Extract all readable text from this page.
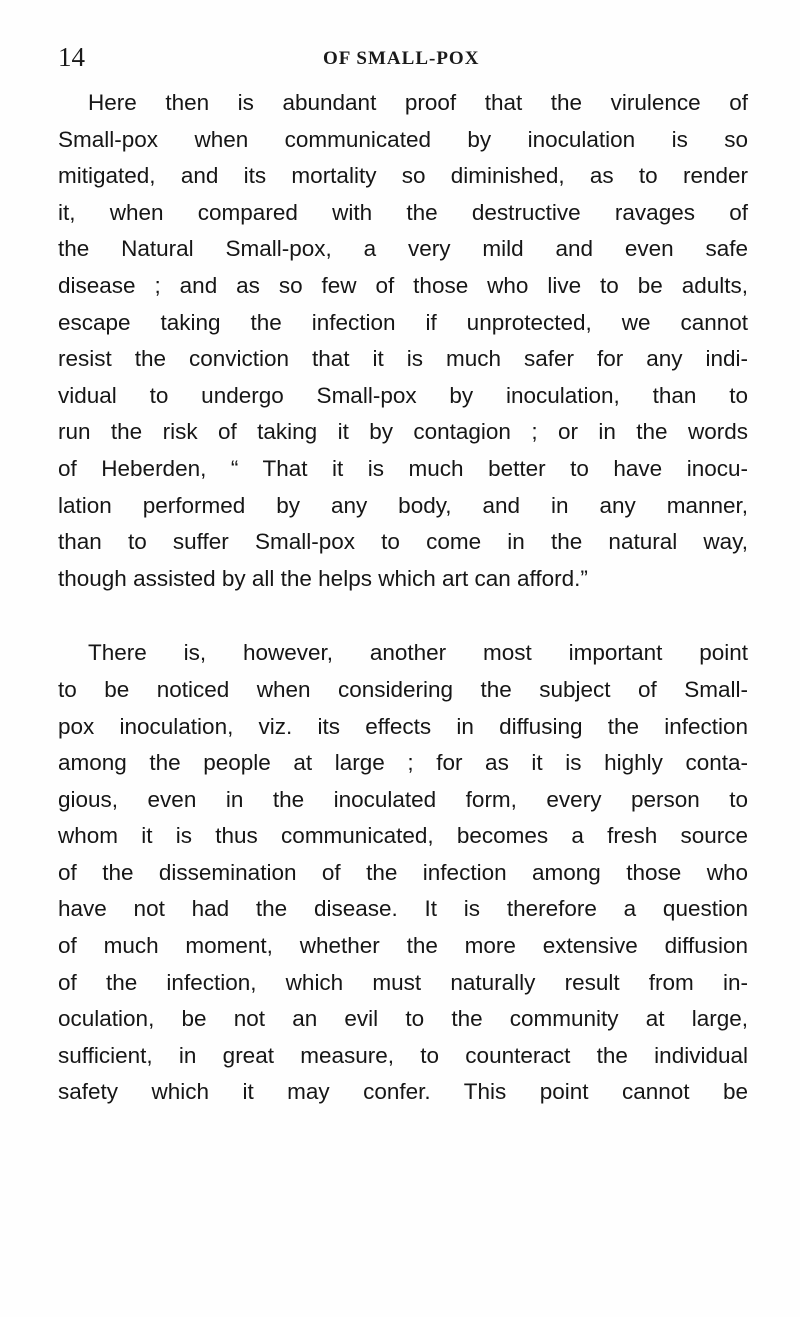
14	OF SMALL-POX
Here then is abundant proof that the virulence of
Small-pox when communicated by inoculation is so
mitigated, and its mortality so diminished, as to render
it, when compared with the destructive ravages of
the Natural Small-pox, a very mild and even safe
disease ; and as so few of those who live to be adults,
escape taking the infection if unprotected, we cannot
resist the conviction that it is much safer for any indi-
vidual to undergo Small-pox by inoculation, than to
run the risk of taking it by contagion ; or in the words
of Heberden, “ That it is much better to have inocu-
lation performed by any body, and in any manner,
than to suffer Small-pox to come in the natural way,
though assisted by all the helps which art can afford.”
There is, however, another most important point
to be noticed when considering the subject of Small-
pox inoculation, viz. its effects in diffusing the infection
among the people at large ; for as it is highly conta-
gious, even in the inoculated form, every person to
whom it is thus communicated, becomes a fresh source
of the dissemination of the infection among those who
have not had the disease. It is therefore a question
of much moment, whether the more extensive diffusion
of the infection, which must naturally result from in-
oculation, be not an evil to the community at large,
sufficient, in great measure, to counteract the individual
safety which it may confer. This point cannot be
